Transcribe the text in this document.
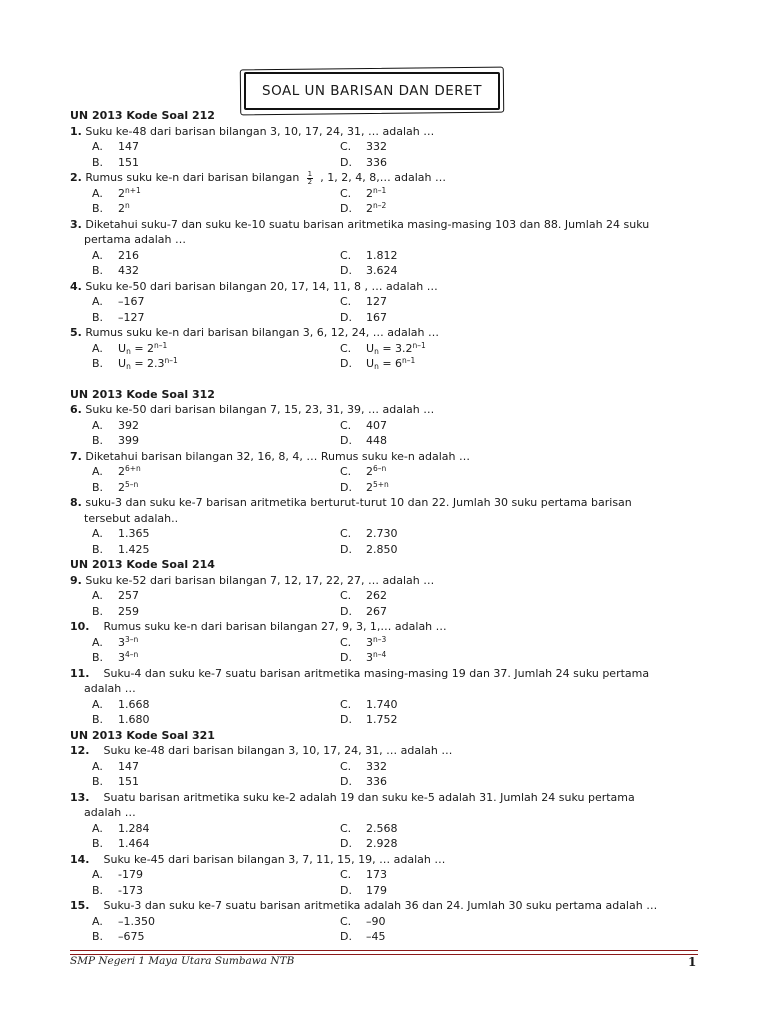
SOAL UN BARISAN DAN DERET
UN 2013 Kode Soal 212
1. Suku ke-48 dari barisan bilangan 3, 10, 17, 24, 31, … adalah …
A. 147	C. 332
B. 151	D. 336
2. Rumus suku ke-n dari barisan bilangan $\frac{1}{2}$ , 1, 2, 4, 8,… adalah …
A. $2^{n+1}$	C. 2$^{n-1}$
B. 2$^n$	D. 2$^{n-2}$
3. Diketahui suku-7 dan suku ke-10 suatu barisan aritmetika masing-masing 103 dan 88. Jumlah 24 suku
pertama adalah …
A. 216	C. 1.812
B. 432	D. 3.624
4. Suku ke-50 dari barisan bilangan 20, 17, 14, 11, 8 , … adalah …
A. –167	C. 127
B. –127	D. 167
5. Rumus suku ke-n dari barisan bilangan 3, 6, 12, 24, … adalah …
A. $U_n = 2^{n-1}$	C. $U_n = 3.2^{n-1}$
B. $U_n = 2.3^{n-1}$	D. $U_n = 6^{n-1}$
UN 2013 Kode Soal 312
6. Suku ke-50 dari barisan bilangan 7, 15, 23, 31, 39, … adalah …
A. 392	C. 407
B. 399	D. 448
7. Diketahui barisan bilangan 32, 16, 8, 4, … Rumus suku ke-n adalah …
A. $2^{6+n}$	C. 2$^{6-n}$
B. 2$^{5-n}$	D. $2^{5+n}$
8. suku-3 dan suku ke-7 barisan aritmetika berturut-turut 10 dan 22. Jumlah 30 suku pertama barisan
tersebut adalah..
A. 1.365	C. 2.730
B. 1.425	D. 2.850
UN 2013 Kode Soal 214
9. Suku ke-52 dari barisan bilangan 7, 12, 17, 22, 27, … adalah …
A. 257	C. 262
B. 259	D. 267
10. Rumus suku ke-n dari barisan bilangan 27, 9, 3, 1,… adalah …
A. 3$^{3-n}$	C. 3$^{n-3}$
B. 3$^{4-n}$	D. 3$^{n-4}$
11. Suku-4 dan suku ke-7 suatu barisan aritmetika masing-masing 19 dan 37. Jumlah 24 suku pertama
adalah …
A. 1.668	C. 1.740
B. 1.680	D. 1.752
UN 2013 Kode Soal 321
12. Suku ke-48 dari barisan bilangan 3, 10, 17, 24, 31, … adalah …
A. 147	C. 332
B. 151	D. 336
13. Suatu barisan aritmetika suku ke-2 adalah 19 dan suku ke-5 adalah 31. Jumlah 24 suku pertama
adalah …
A. 1.284	C. 2.568
B. 1.464	D. 2.928
14. Suku ke-45 dari barisan bilangan 3, 7, 11, 15, 19, … adalah …
A. -179	C. 173
B. -173	D. 179
15. Suku-3 dan suku ke-7 suatu barisan aritmetika adalah 36 dan 24. Jumlah 30 suku pertama adalah …
A. –1.350	C. –90
B. –675	D. –45
SMP Negeri 1 Maya Utara Sumbawa NTB	1
